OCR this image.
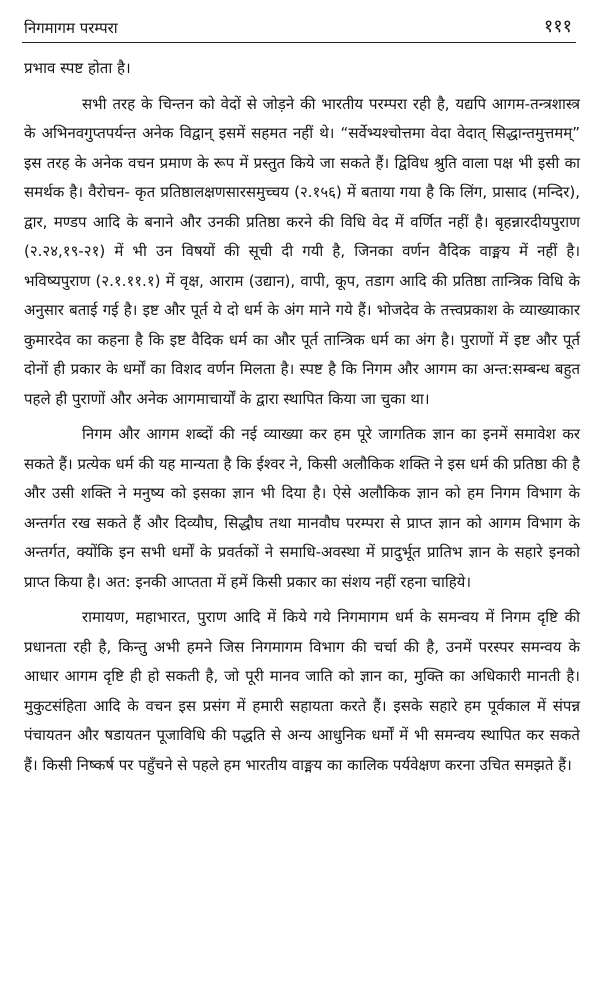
निगमागम परम्परा	१११

प्रभाव स्पष्ट होता है।

सभी तरह के चिन्तन को वेदों से जोड़ने की भारतीय परम्परा रही है, यद्यपि आगम-तन्त्रशास्त्र के अभिनवगुप्तपर्यन्त अनेक विद्वान् इसमें सहमत नहीं थे। “सर्वेभ्यश्चोत्तमा वेदा वेदात् सिद्धान्तमुत्तमम्” इस तरह के अनेक वचन प्रमाण के रूप में प्रस्तुत किये जा सकते हैं। द्विविध श्रुति वाला पक्ष भी इसी का समर्थक है। वैरोचन- कृत प्रतिष्ठालक्षणसारसमुच्चय (२.१५६) में बताया गया है कि लिंग, प्रासाद (मन्दिर), द्वार, मण्डप आदि के बनाने और उनकी प्रतिष्ठा करने की विधि वेद में वर्णित नहीं है। बृहन्नारदीयपुराण (२.२४,१९-२१) में भी उन विषयों की सूची दी गयी है, जिनका वर्णन वैदिक वाङ्मय में नहीं है। भविष्यपुराण (२.१.११.१) में वृक्ष, आराम (उद्यान), वापी, कूप, तडाग आदि की प्रतिष्ठा तान्त्रिक विधि के अनुसार बताई गई है। इष्ट और पूर्त ये दो धर्म के अंग माने गये हैं। भोजदेव के तत्त्वप्रकाश के व्याख्याकार कुमारदेव का कहना है कि इष्ट वैदिक धर्म का और पूर्त तान्त्रिक धर्म का अंग है। पुराणों में इष्ट और पूर्त दोनों ही प्रकार के धर्मों का विशद वर्णन मिलता है। स्पष्ट है कि निगम और आगम का अन्त:सम्बन्ध बहुत पहले ही पुराणों और अनेक आगमाचार्यों के द्वारा स्थापित किया जा चुका था।

निगम और आगम शब्दों की नई व्याख्या कर हम पूरे जागतिक ज्ञान का इनमें समावेश कर सकते हैं। प्रत्येक धर्म की यह मान्यता है कि ईश्वर ने, किसी अलौकिक शक्ति ने इस धर्म की प्रतिष्ठा की है और उसी शक्ति ने मनुष्य को इसका ज्ञान भी दिया है। ऐसे अलौकिक ज्ञान को हम निगम विभाग के अन्तर्गत रख सकते हैं और दिव्यौघ, सिद्धौघ तथा मानवौघ परम्परा से प्राप्त ज्ञान को आगम विभाग के अन्तर्गत, क्योंकि इन सभी धर्मों के प्रवर्तकों ने समाधि-अवस्था में प्रादुर्भूत प्रातिभ ज्ञान के सहारे इनको प्राप्त किया है। अत: इनकी आप्तता में हमें किसी प्रकार का संशय नहीं रहना चाहिये।

रामायण, महाभारत, पुराण आदि में किये गये निगमागम धर्म के समन्वय में निगम दृष्टि की प्रधानता रही है, किन्तु अभी हमने जिस निगमागम विभाग की चर्चा की है, उनमें परस्पर समन्वय के आधार आगम दृष्टि ही हो सकती है, जो पूरी मानव जाति को ज्ञान का, मुक्ति का अधिकारी मानती है। मुकुटसंहिता आदि के वचन इस प्रसंग में हमारी सहायता करते हैं। इसके सहारे हम पूर्वकाल में संपन्न पंचायतन और षडायतन पूजाविधि की पद्धति से अन्य आधुनिक धर्मों में भी समन्वय स्थापित कर सकते हैं। किसी निष्कर्ष पर पहुँचने से पहले हम भारतीय वाङ्मय का कालिक पर्यवेक्षण करना उचित समझते हैं।
